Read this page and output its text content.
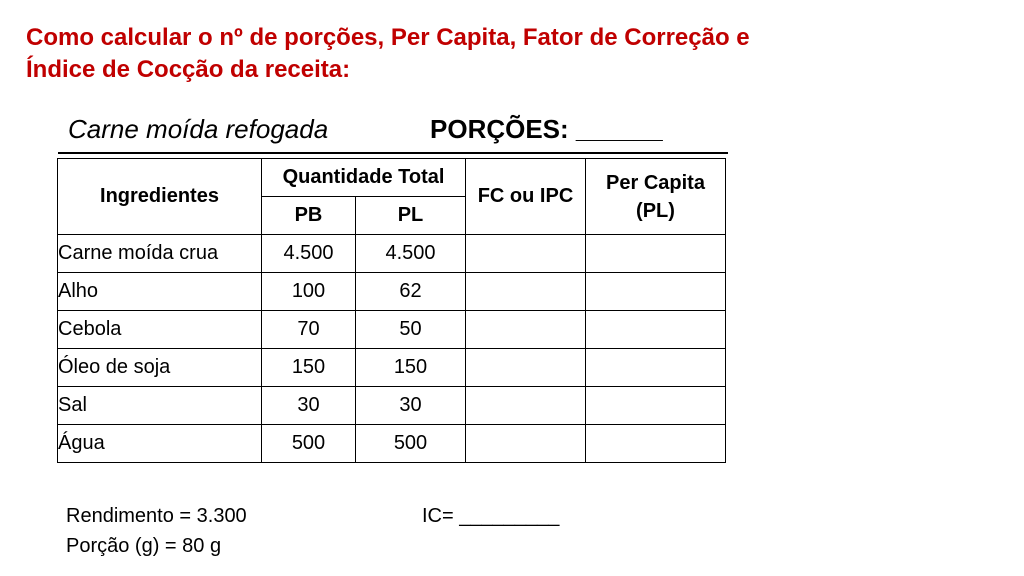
Como calcular o nº de porções, Per Capita, Fator de Correção e
Índice de Cocção da receita:
Carne moída refogada	PORÇÕES: ______
Ingredientes	Quantidade Total		FC ou IPC	Per Capita
(PL)

	PB	PL		
Carne moída crua	4.500	4.500		
Alho	100	62		
Cebola	70	50		
Óleo de soja	150	150		
Sal	30	30		
Água	500	500		
Rendimento = 3.300
Porção (g) = 80 g
IC= _________
